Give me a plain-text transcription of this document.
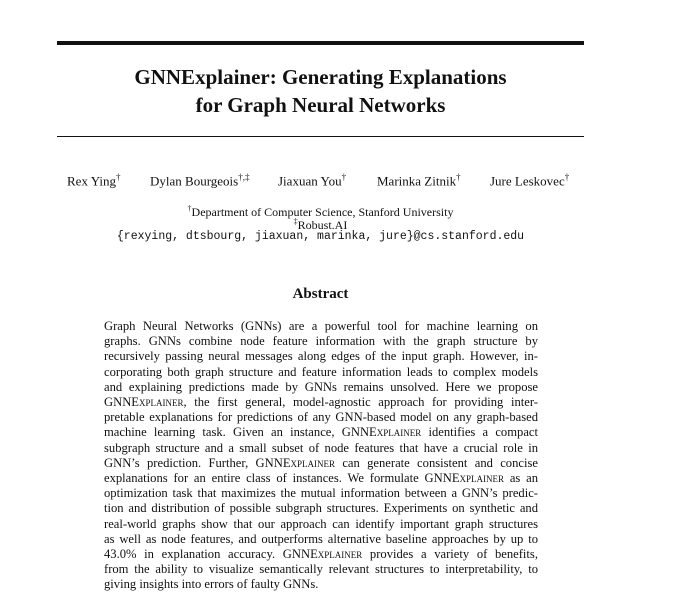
GNNExplainer: Generating Explanations
for Graph Neural Networks
Rex Ying† Dylan Bourgeois†,‡ Jiaxuan You† Marinka Zitnik† Jure Leskovec†
†Department of Computer Science, Stanford University
‡Robust.AI
{rexying, dtsbourg, jiaxuan, marinka, jure}@cs.stanford.edu
Abstract
Graph Neural Networks (GNNs) are a powerful tool for machine learning on
graphs. GNNs combine node feature information with the graph structure by
recursively passing neural messages along edges of the input graph. However, in-
corporating both graph structure and feature information leads to complex models
and explaining predictions made by GNNs remains unsolved. Here we propose
GNNExplainer, the first general, model-agnostic approach for providing inter-
pretable explanations for predictions of any GNN-based model on any graph-based
machine learning task. Given an instance, GNNExplainer identifies a compact
subgraph structure and a small subset of node features that have a crucial role in
GNN’s prediction. Further, GNNExplainer can generate consistent and concise
explanations for an entire class of instances. We formulate GNNExplainer as an
optimization task that maximizes the mutual information between a GNN’s predic-
tion and distribution of possible subgraph structures. Experiments on synthetic and
real-world graphs show that our approach can identify important graph structures
as well as node features, and outperforms alternative baseline approaches by up to
43.0% in explanation accuracy. GNNExplainer provides a variety of benefits,
from the ability to visualize semantically relevant structures to interpretability, to
giving insights into errors of faulty GNNs.
